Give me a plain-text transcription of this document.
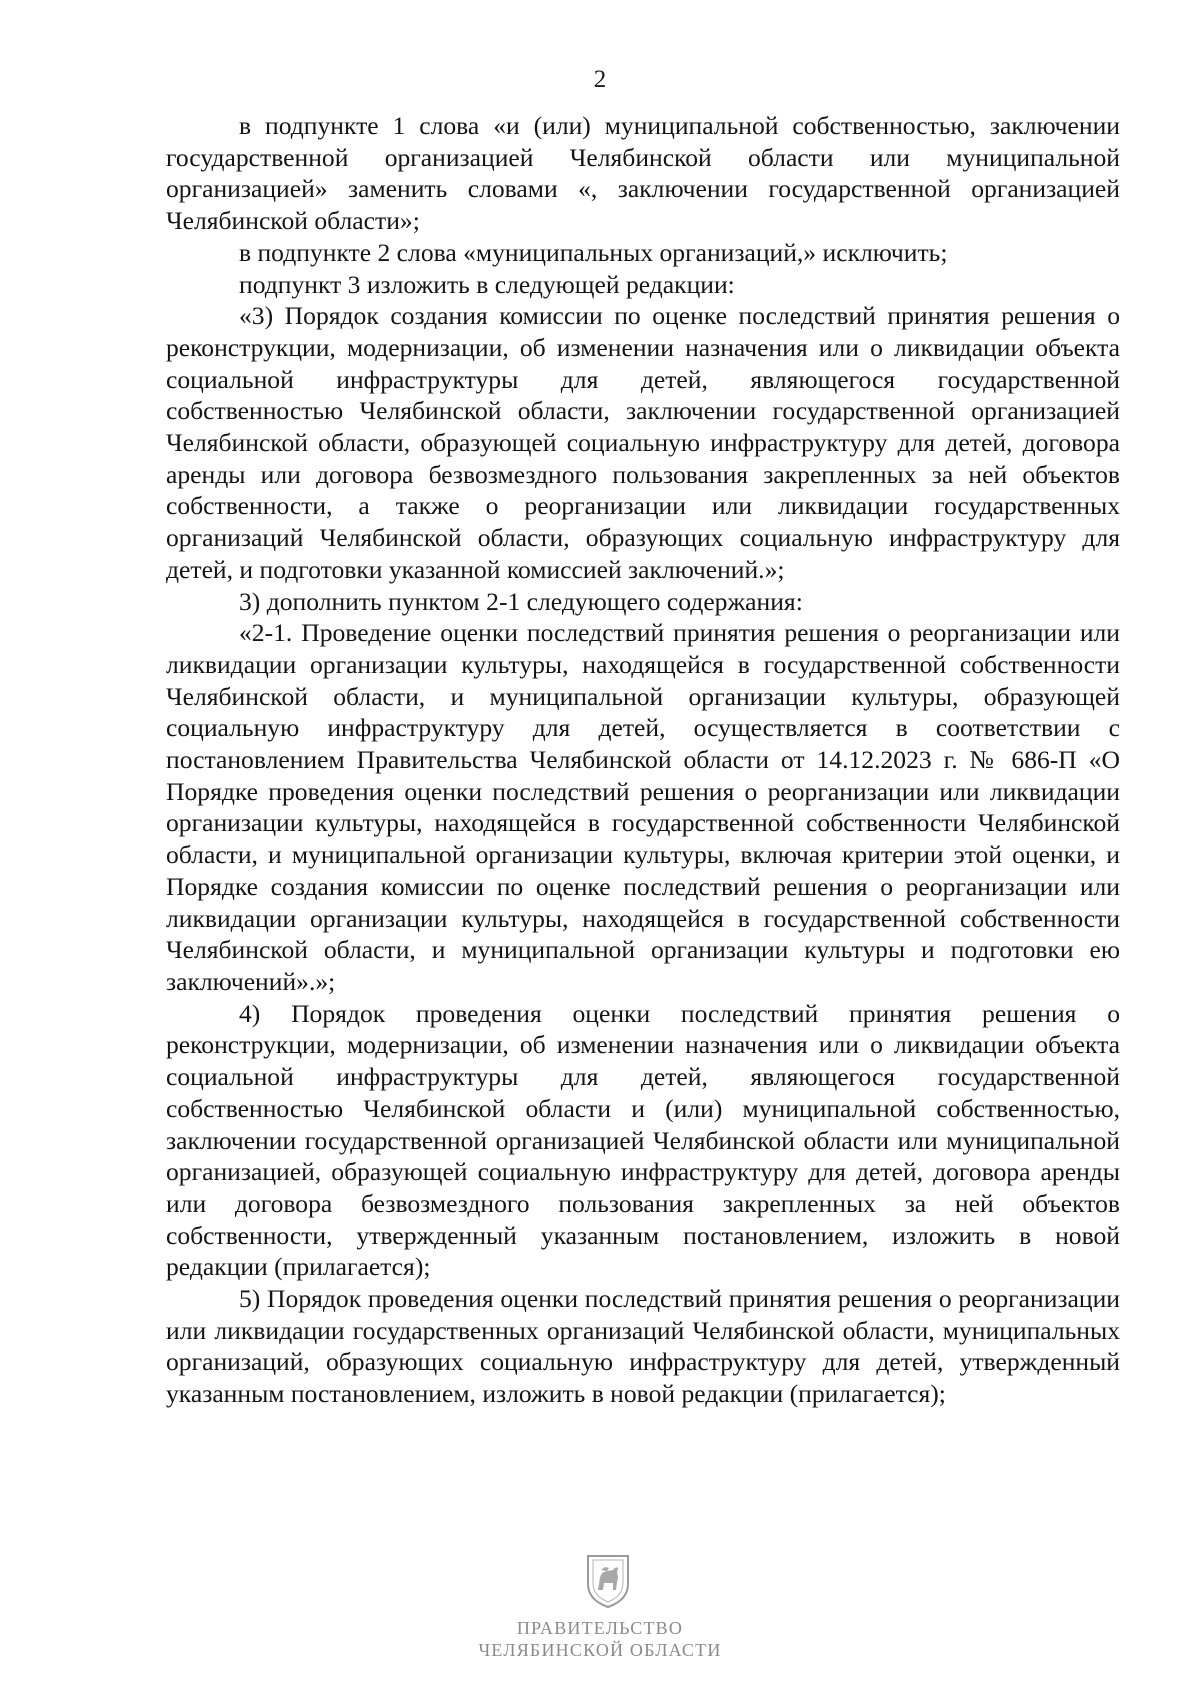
2

в подпункте 1 слова «и (или) муниципальной собственностью, заключении государственной организацией Челябинской области или муниципальной организацией» заменить словами «, заключении государственной организацией Челябинской области»;

в подпункте 2 слова «муниципальных организаций,» исключить;

подпункт 3 изложить в следующей редакции:

«3) Порядок создания комиссии по оценке последствий принятия решения о реконструкции, модернизации, об изменении назначения или о ликвидации объекта социальной инфраструктуры для детей, являющегося государственной собственностью Челябинской области, заключении государственной организацией Челябинской области, образующей социальную инфраструктуру для детей, договора аренды или договора безвозмездного пользования закрепленных за ней объектов собственности, а также о реорганизации или ликвидации государственных организаций Челябинской области, образующих социальную инфраструктуру для детей, и подготовки указанной комиссией заключений.»;

3) дополнить пунктом 2-1 следующего содержания:

«2-1. Проведение оценки последствий принятия решения о реорганизации или ликвидации организации культуры, находящейся в государственной собственности Челябинской области, и муниципальной организации культуры, образующей социальную инфраструктуру для детей, осуществляется в соответствии с постановлением Правительства Челябинской области от 14.12.2023 г. № 686-П «О Порядке проведения оценки последствий решения о реорганизации или ликвидации организации культуры, находящейся в государственной собственности Челябинской области, и муниципальной организации культуры, включая критерии этой оценки, и Порядке создания комиссии по оценке последствий решения о реорганизации или ликвидации организации культуры, находящейся в государственной собственности Челябинской области, и муниципальной организации культуры и подготовки ею заключений».»;

4) Порядок проведения оценки последствий принятия решения о реконструкции, модернизации, об изменении назначения или о ликвидации объекта социальной инфраструктуры для детей, являющегося государственной собственностью Челябинской области и (или) муниципальной собственностью, заключении государственной организацией Челябинской области или муниципальной организацией, образующей социальную инфраструктуру для детей, договора аренды или договора безвозмездного пользования закрепленных за ней объектов собственности, утвержденный указанным постановлением, изложить в новой редакции (прилагается);

5) Порядок проведения оценки последствий принятия решения о реорганизации или ликвидации государственных организаций Челябинской области, муниципальных организаций, образующих социальную инфраструктуру для детей, утвержденный указанным постановлением, изложить в новой редакции (прилагается);

ПРАВИТЕЛЬСТВО
ЧЕЛЯБИНСКОЙ ОБЛАСТИ
